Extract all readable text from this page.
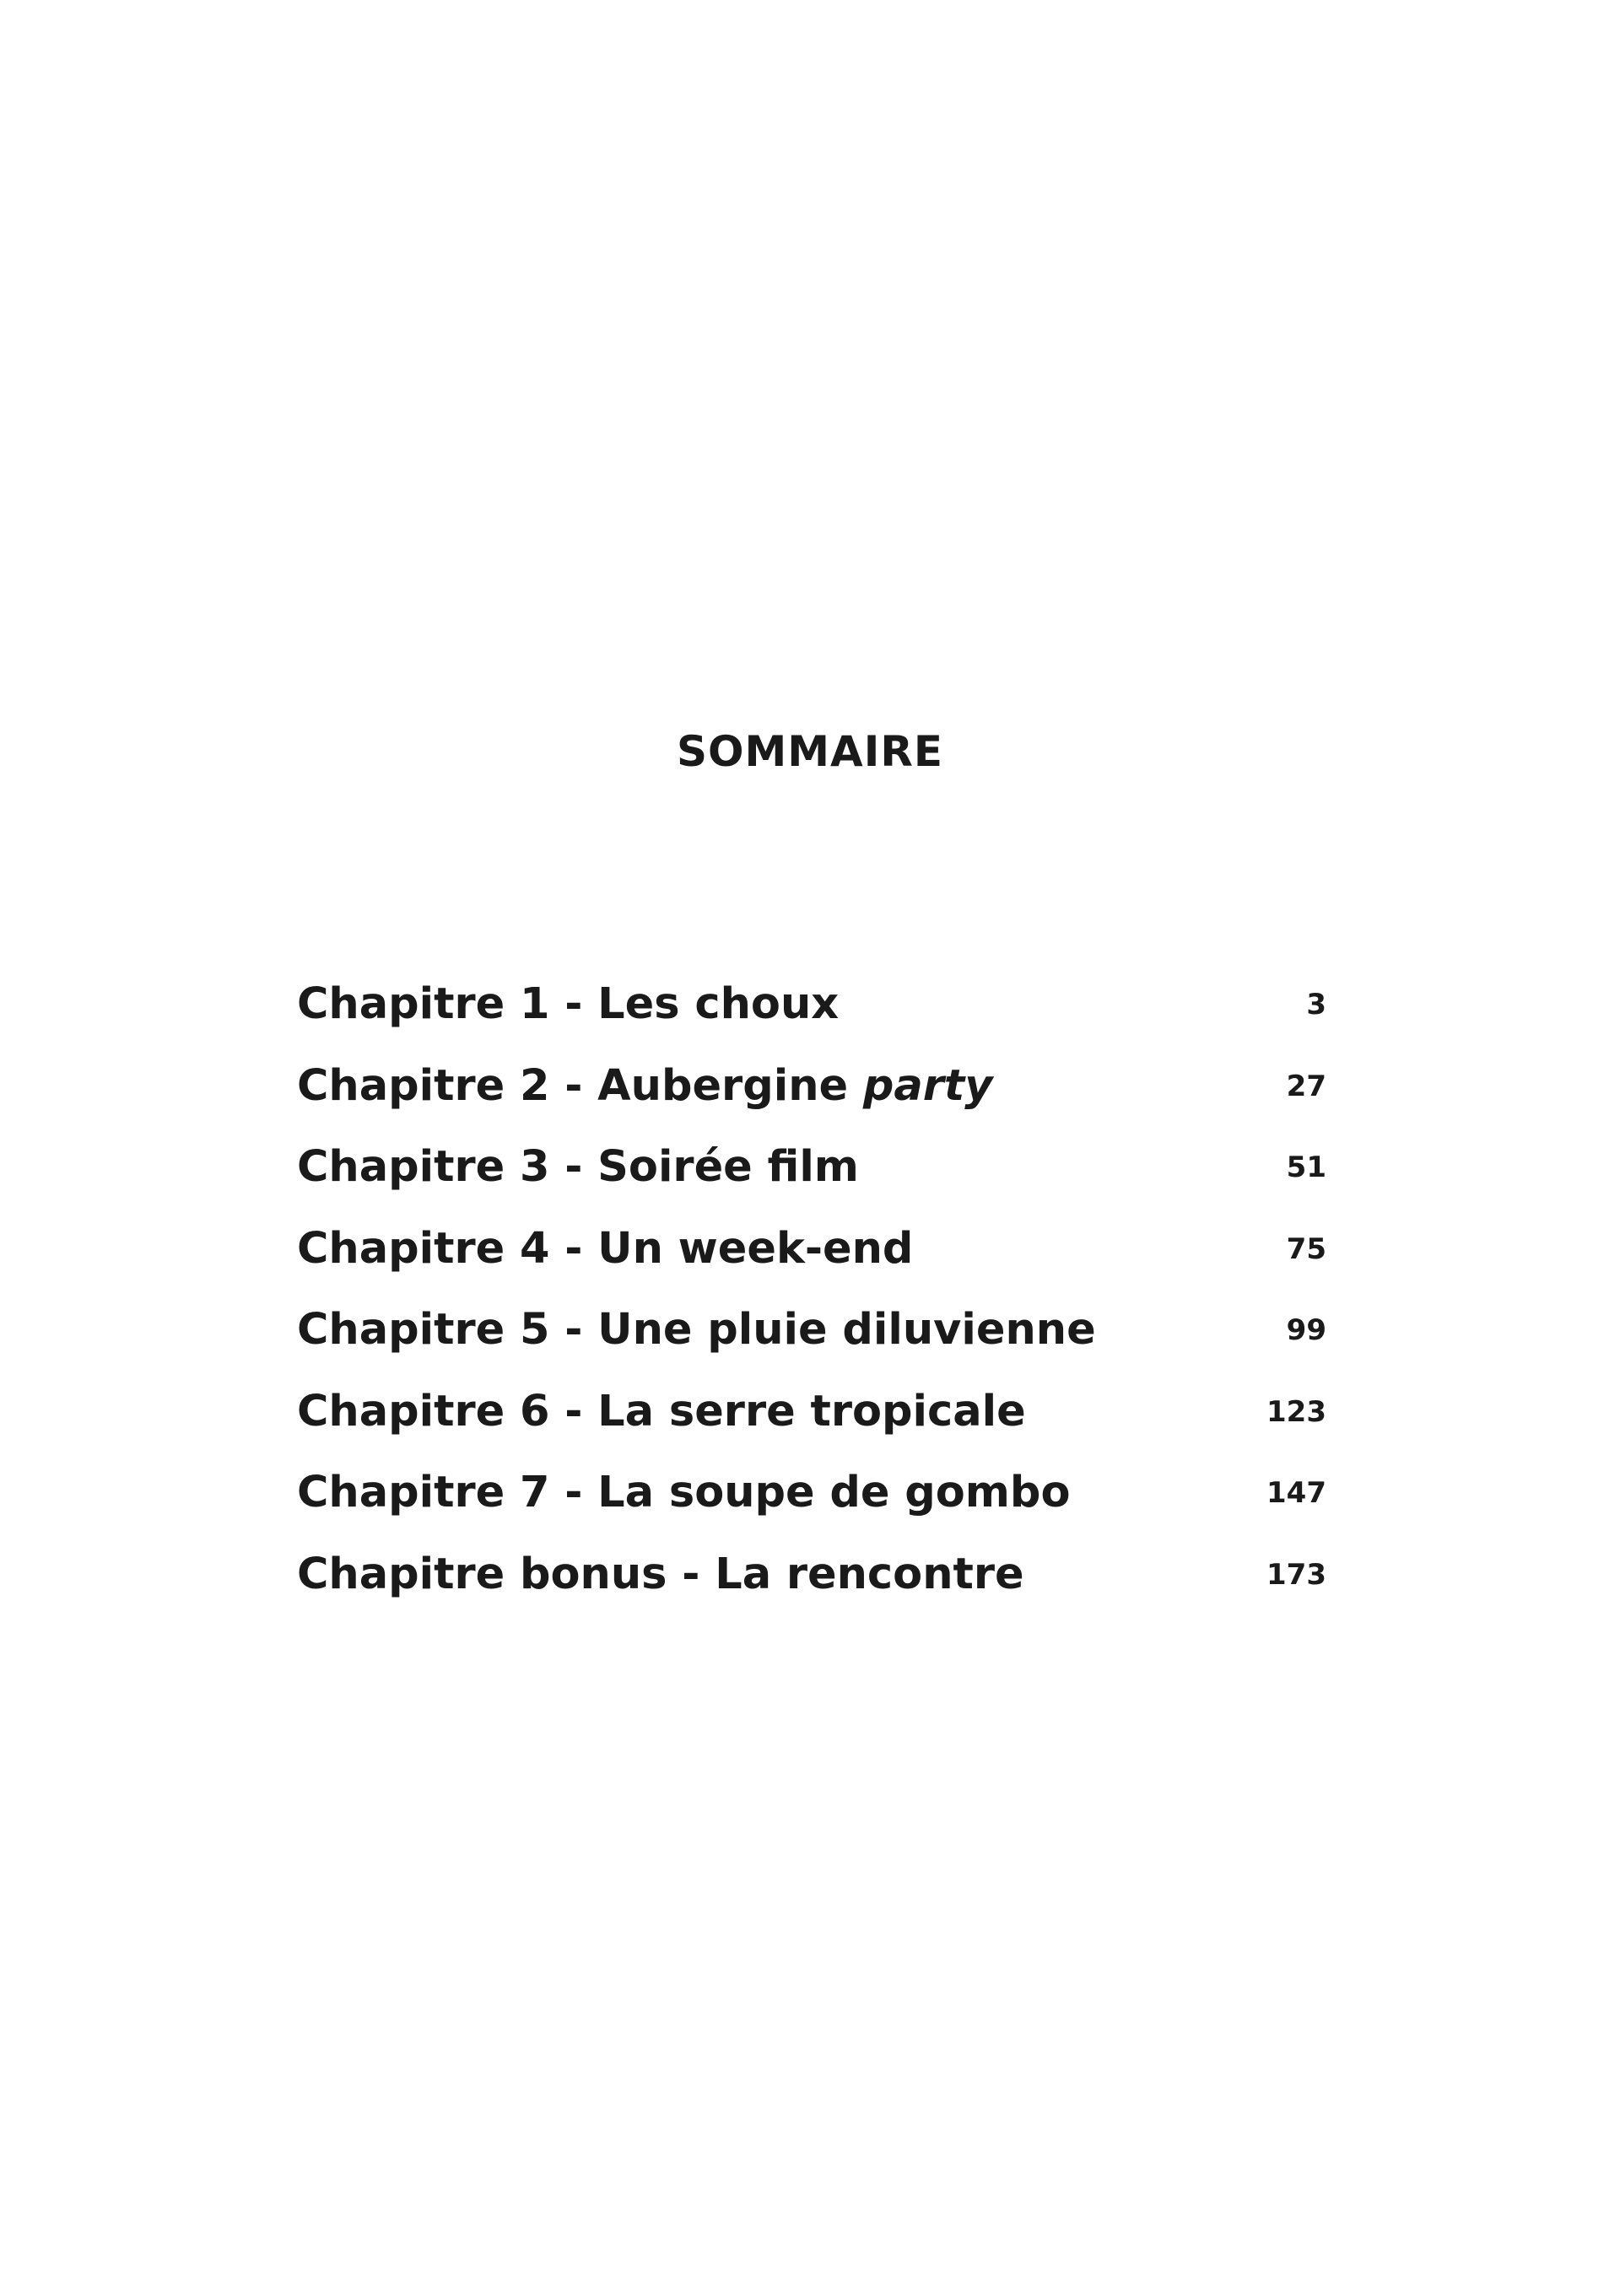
SOMMAIRE
Chapitre 1 - Les choux	3
Chapitre 2 - Aubergine party	27
Chapitre 3 - Soirée film	51
Chapitre 4 - Un week-end	75
Chapitre 5 - Une pluie diluvienne	99
Chapitre 6 - La serre tropicale	123
Chapitre 7 - La soupe de gombo	147
Chapitre bonus - La rencontre	173
